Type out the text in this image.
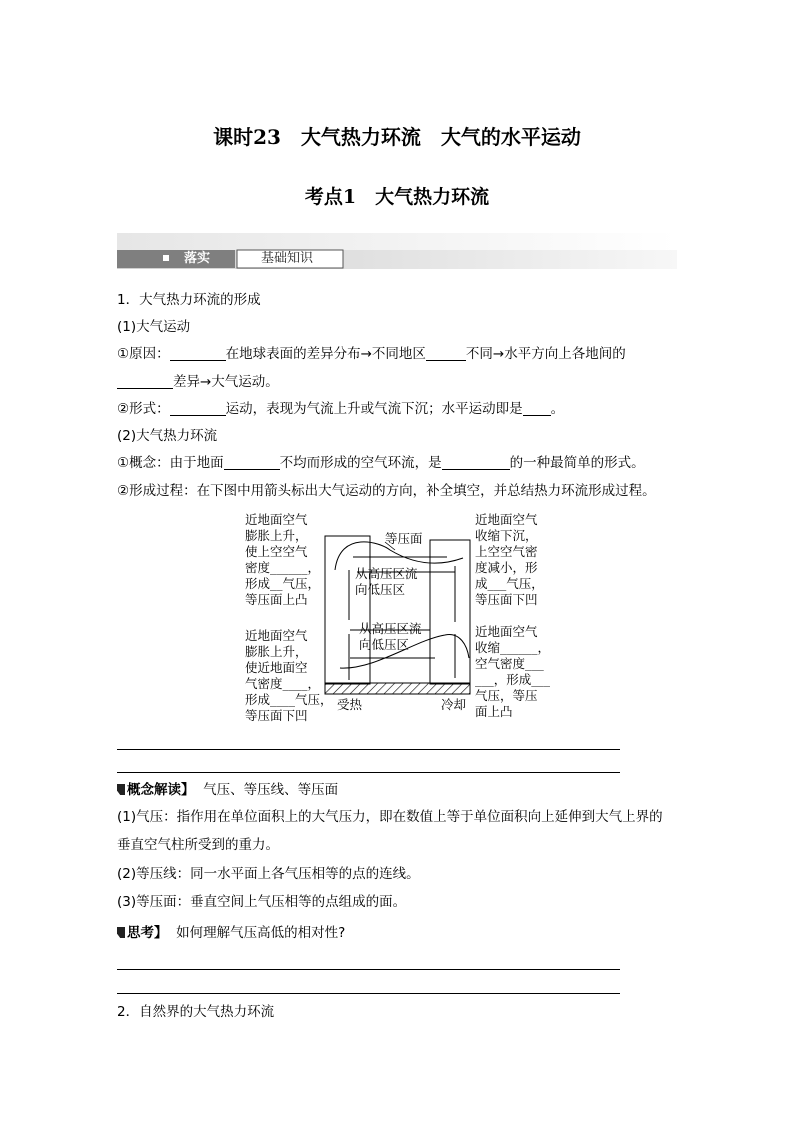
课时23　大气热力环流　大气的水平运动
考点1　大气热力环流
落实	基础知识
1．大气热力环流的形成
(1)大气运动
①原因：	在地球表面的差异分布→不同地区	不同→水平方向上各地间的
差异→大气运动。
②形式：	运动，表现为气流上升或气流下沉；水平运动即是 。
(2)大气热力环流
①概念：由于地面	不均而形成的空气环流，是	的一种最简单的形式。
②形成过程：在下图中用箭头标出大气运动的方向，补全填空，并总结热力环流形成过程。
近地面空气
膨胀上升，
使上空空气
密度______，
形成__气压，
等压面上凸
近地面空气
膨胀上升，
使近地面空
气密度____，
形成____气压，
等压面下凹
近地面空气
收缩下沉，
上空空气密
度减小，形
成___气压，
等压面下凹
近地面空气
收缩______，
空气密度___
___，形成___
气压，等压
面上凸
等压面
从高压区流
向低压区
从高压区流
向低压区
受热	冷却
概念解读】 气压、等压线、等压面
(1)气压：指作用在单位面积上的大气压力，即在数值上等于单位面积向上延伸到大气上界的
垂直空气柱所受到的重力。
(2)等压线：同一水平面上各气压相等的点的连线。
(3)等压面：垂直空间上气压相等的点组成的面。
思考】 如何理解气压高低的相对性?
2．自然界的大气热力环流
